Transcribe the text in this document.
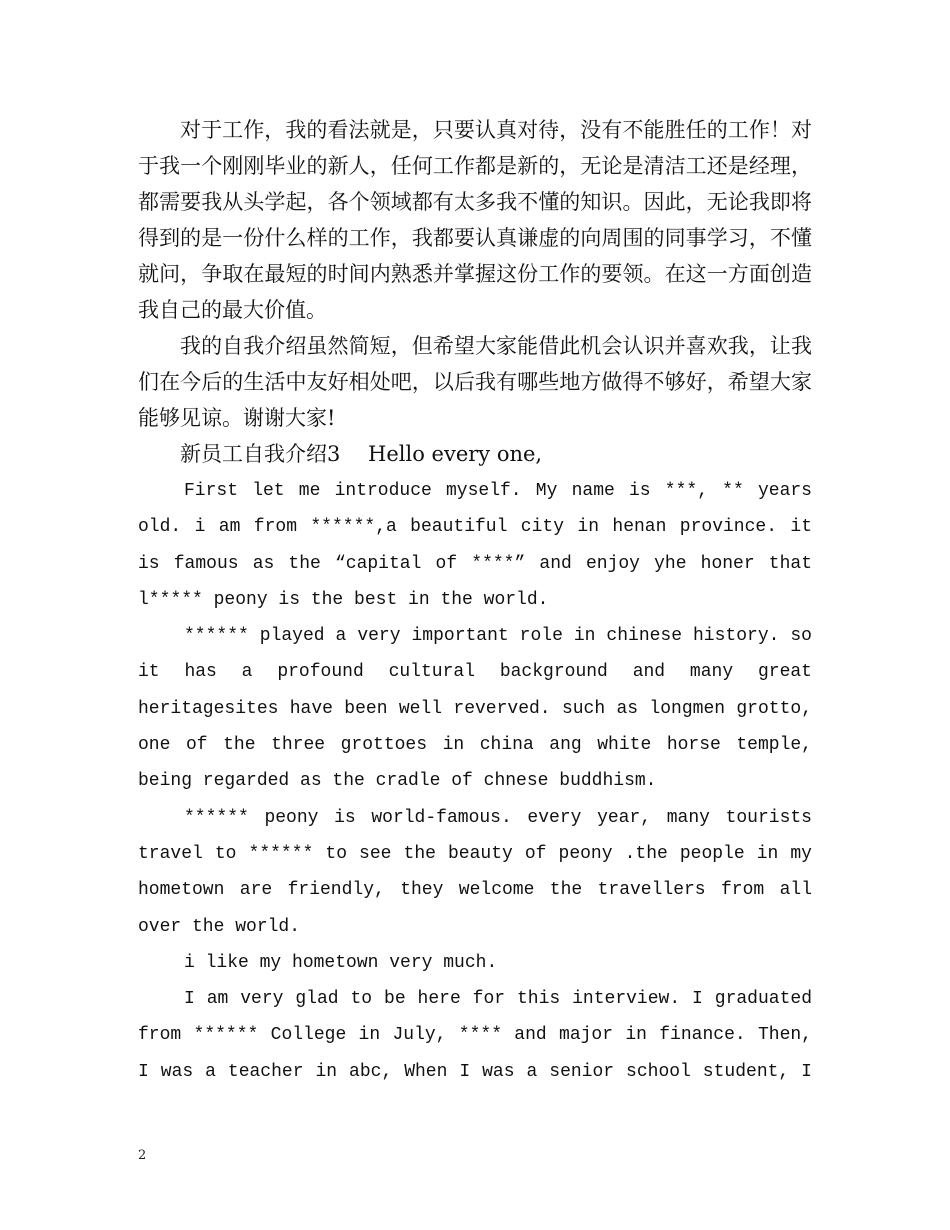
对于工作，我的看法就是，只要认真对待，没有不能胜任的工作！对于我一个刚刚毕业的新人，任何工作都是新的，无论是清洁工还是经理，都需要我从头学起，各个领域都有太多我不懂的知识。因此，无论我即将得到的是一份什么样的工作，我都要认真谦虚的向周围的同事学习，不懂就问，争取在最短的时间内熟悉并掌握这份工作的要领。在这一方面创造我自己的最大价值。

我的自我介绍虽然简短，但希望大家能借此机会认识并喜欢我，让我们在今后的生活中友好相处吧，以后我有哪些地方做得不够好，希望大家能够见谅。谢谢大家!

新员工自我介绍3　 Hello every one,

First let me introduce myself. My name is ***, ** years old. i am from ******,a beautiful city in henan province. it is famous as the “capital of ****” and enjoy yhe honer that l***** peony is the best in the world.

****** played a very important role in chinese history. so it has a profound cultural background and many great heritagesites have been well reverved. such as longmen grotto, one of the three grottoes in china ang white horse temple, being regarded as the cradle of chnese buddhism.

****** peony is world-famous. every year, many tourists travel to ****** to see the beauty of peony .the people in my hometown are friendly, they welcome the travellers from all over the world.

i like my hometown very much.

I am very glad to be here for this interview. I graduated from ****** College in July, **** and major in finance. Then, I was a teacher in abc, When I was a senior school student, I

2
